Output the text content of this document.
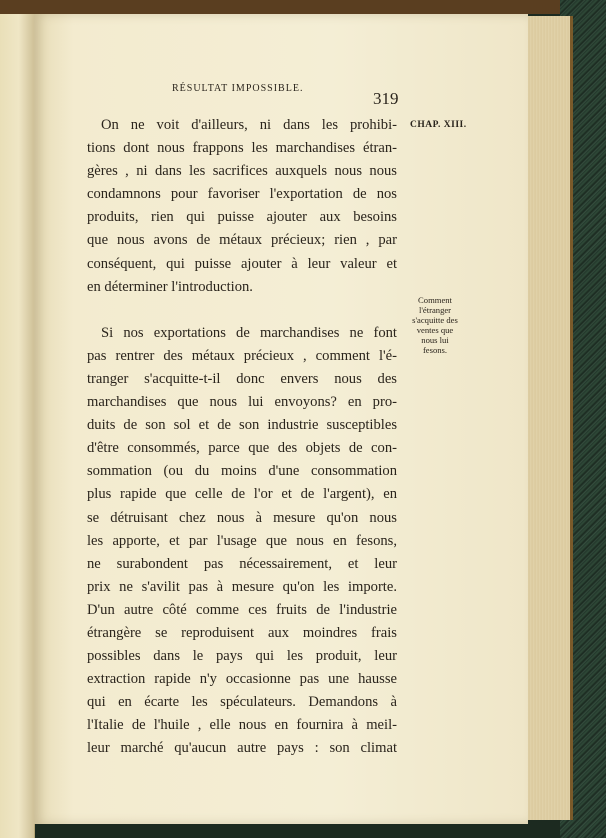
RÉSULTAT IMPOSSIBLE.
319
CHAP. XIII.
Comment
l'étranger
s'acquitte des
ventes que
nous lui
fesons.
On ne voit d'ailleurs, ni dans les prohibi-
tions dont nous frappons les marchandises étran-
gères , ni dans les sacrifices auxquels nous nous
condamnons pour favoriser l'exportation de nos
produits, rien qui puisse ajouter aux besoins
que nous avons de métaux précieux; rien , par
conséquent, qui puisse ajouter à leur valeur et
en déterminer l'introduction.
Si nos exportations de marchandises ne font
pas rentrer des métaux précieux , comment l'é-
tranger s'acquitte-t-il donc envers nous des
marchandises que nous lui envoyons? en pro-
duits de son sol et de son industrie susceptibles
d'être consommés, parce que des objets de con-
sommation (ou du moins d'une consommation
plus rapide que celle de l'or et de l'argent), en
se détruisant chez nous à mesure qu'on nous
les apporte, et par l'usage que nous en fesons,
ne surabondent pas nécessairement, et leur
prix ne s'avilit pas à mesure qu'on les importe.
D'un autre côté comme ces fruits de l'industrie
étrangère se reproduisent aux moindres frais
possibles dans le pays qui les produit, leur
extraction rapide n'y occasionne pas une hausse
qui en écarte les spéculateurs. Demandons à
l'Italie de l'huile , elle nous en fournira à meil-
leur marché qu'aucun autre pays : son climat
